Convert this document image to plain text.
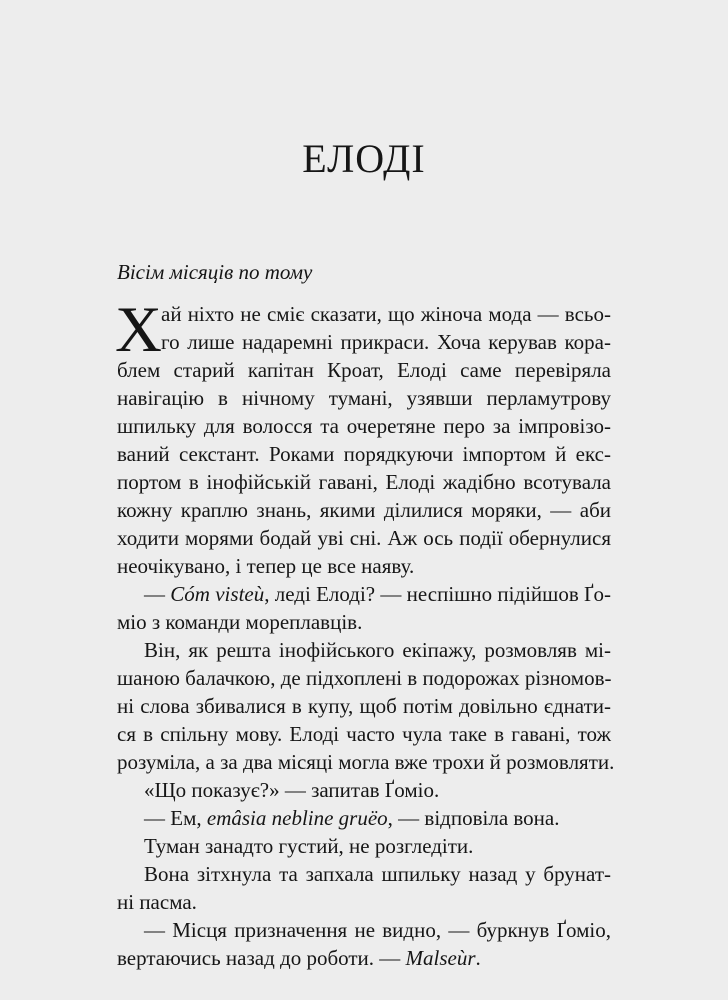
ЕЛОДІ

Вісім місяців по тому

Х ай ніхто не сміє сказати, що жіноча мода — всьо-

го лише надаремні прикраси. Хоча керував кора-

блем старий капітан Кроат, Елоді саме перевіряла

навігацію в нічному тумані, узявши перламутрову

шпильку для волосся та очеретяне перо за імпровізо-

ваний секстант. Роками порядкуючи імпортом й екс-

портом в інофійській гавані, Елоді жадібно всотувала

кожну краплю знань, якими ділилися моряки, — аби

ходити морями бодай уві сні. Аж ось події обернулися

неочікувано, і тепер це все наяву.

— Cóm visteù, леді Елоді? — неспішно підійшов Ґо-

міо з команди мореплавців.

Він, як решта інофійського екіпажу, розмовляв мі-

шаною балачкою, де підхоплені в подорожах різномов-

ні слова збивалися в купу, щоб потім довільно єднати-

ся в спільну мову. Елоді часто чула таке в гавані, тож

розуміла, а за два місяці могла вже трохи й розмовляти.

«Що показує?» — запитав Ґоміо.

— Ем, emâsia nebline gruëo, — відповіла вона.

Туман занадто густий, не розгледіти.

Вона зітхнула та запхала шпильку назад у брунат-

ні пасма.

— Місця призначення не видно, — буркнув Ґоміо,

вертаючись назад до роботи. — Malseùr.
